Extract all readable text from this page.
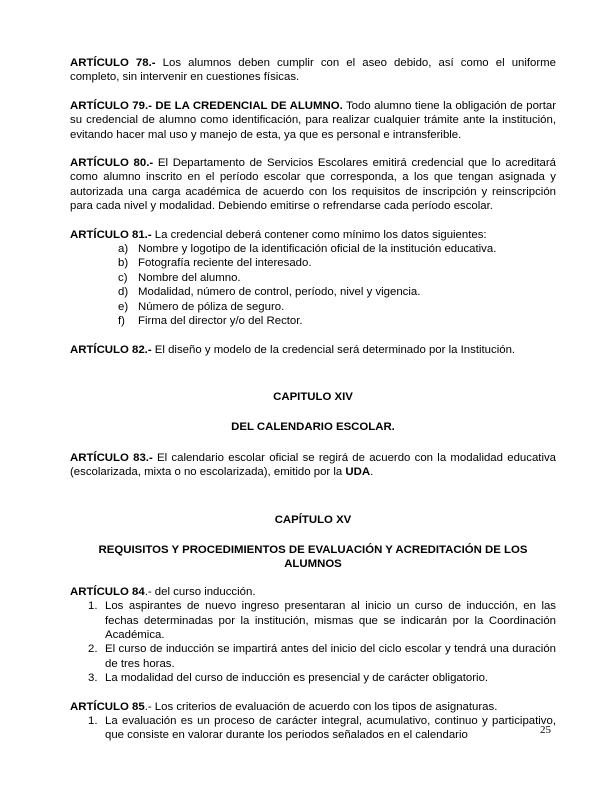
ARTÍCULO 78.- Los alumnos deben cumplir con el aseo debido, así como el uniforme completo, sin intervenir en cuestiones físicas.

ARTÍCULO 79.- DE LA CREDENCIAL DE ALUMNO. Todo alumno tiene la obligación de portar su credencial de alumno como identificación, para realizar cualquier trámite ante la institución, evitando hacer mal uso y manejo de esta, ya que es personal e intransferible.

ARTÍCULO 80.- El Departamento de Servicios Escolares emitirá credencial que lo acreditará como alumno inscrito en el período escolar que corresponda, a los que tengan asignada y autorizada una carga académica de acuerdo con los requisitos de inscripción y reinscripción para cada nivel y modalidad. Debiendo emitirse o refrendarse cada período escolar.

ARTÍCULO 81.- La credencial deberá contener como mínimo los datos siguientes:

a) Nombre y logotipo de la identificación oficial de la institución educativa.
b) Fotografía reciente del interesado.
c) Nombre del alumno.
d) Modalidad, número de control, período, nivel y vigencia.
e) Número de póliza de seguro.
f) Firma del director y/o del Rector.

ARTÍCULO 82.- El diseño y modelo de la credencial será determinado por la Institución.

CAPITULO XIV

DEL CALENDARIO ESCOLAR.

ARTÍCULO 83.- El calendario escolar oficial se regirá de acuerdo con la modalidad educativa (escolarizada, mixta o no escolarizada), emitido por la UDA.

CAPÍTULO XV

REQUISITOS Y PROCEDIMIENTOS DE EVALUACIÓN Y ACREDITACIÓN DE LOS ALUMNOS

ARTÍCULO 84.- del curso inducción.

1. Los aspirantes de nuevo ingreso presentaran al inicio un curso de inducción, en las fechas determinadas por la institución, mismas que se indicarán por la Coordinación Académica.
2. El curso de inducción se impartirá antes del inicio del ciclo escolar y tendrá una duración de tres horas.
3. La modalidad del curso de inducción es presencial y de carácter obligatorio.

ARTÍCULO 85.- Los criterios de evaluación de acuerdo con los tipos de asignaturas.

1. La evaluación es un proceso de carácter integral, acumulativo, continuo y participativo, que consiste en valorar durante los periodos señalados en el calendario	25
